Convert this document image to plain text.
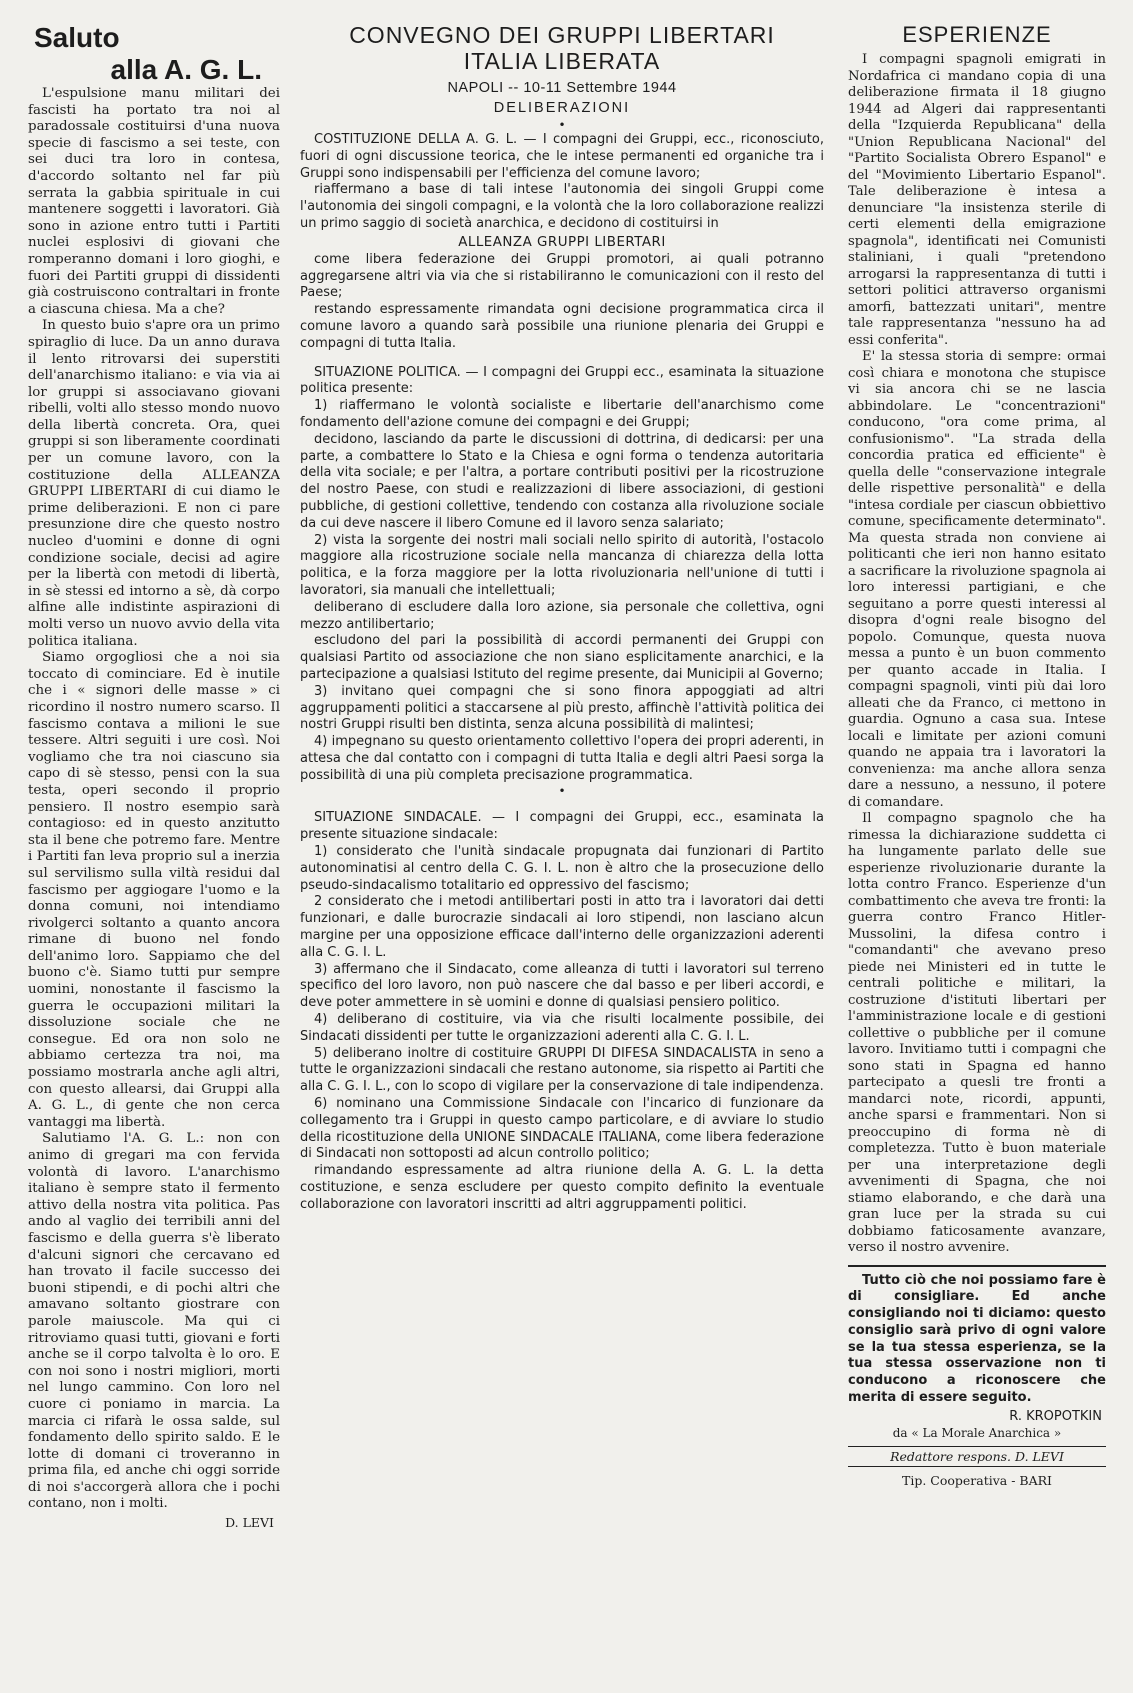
Saluto
alla A. G. L.

L'espulsione manu militari dei fascisti ha portato tra noi al paradossale costituirsi d'una nuova specie di fascismo a sei teste, con sei duci tra loro in contesa, d'accordo soltanto nel far più serrata la gabbia spirituale in cui mantenere soggetti i lavoratori. Già sono in azione entro tutti i Partiti nuclei esplosivi di giovani che romperanno domani i loro gioghi, e fuori dei Partiti gruppi di dissidenti già costruiscono contraltari in fronte a ciascuna chiesa. Ma a che?

In questo buio s'apre ora un primo spiraglio di luce. Da un anno durava il lento ritrovarsi dei superstiti dell'anarchismo italiano: e via via ai lor gruppi si associavano giovani ribelli, volti allo stesso mondo nuovo della libertà concreta. Ora, quei gruppi si son liberamente coordinati per un comune lavoro, con la costituzione della ALLEANZA GRUPPI LIBERTARI di cui diamo le prime deliberazioni. E non ci pare presunzione dire che questo nostro nucleo d'uomini e donne di ogni condizione sociale, decisi ad agire per la libertà con metodi di libertà, in sè stessi ed intorno a sè, dà corpo alfine alle indistinte aspirazioni di molti verso un nuovo avvio della vita politica italiana.

Siamo orgogliosi che a noi sia toccato di cominciare. Ed è inutile che i « signori delle masse » ci ricordino il nostro numero scarso. Il fascismo contava a milioni le sue tessere. Altri seguiti i ure così. Noi vogliamo che tra noi ciascuno sia capo di sè stesso, pensi con la sua testa, operi secondo il proprio pensiero. Il nostro esempio sarà contagioso: ed in questo anzitutto sta il bene che potremo fare. Mentre i Partiti fan leva proprio sul a inerzia sul servilismo sulla viltà residui dal fascismo per aggiogare l'uomo e la donna comuni, noi intendiamo rivolgerci soltanto a quanto ancora rimane di buono nel fondo dell'animo loro. Sappiamo che del buono c'è. Siamo tutti pur sempre uomini, nonostante il fascismo la guerra le occupazioni militari la dissoluzione sociale che ne consegue. Ed ora non solo ne abbiamo certezza tra noi, ma possiamo mostrarla anche agli altri, con questo allearsi, dai Gruppi alla A. G. L., di gente che non cerca vantaggi ma libertà.

Salutiamo l'A. G. L.: non con animo di gregari ma con fervida volontà di lavoro. L'anarchismo italiano è sempre stato il fermento attivo della nostra vita politica. Pas ando al vaglio dei terribili anni del fascismo e della guerra s'è liberato d'alcuni signori che cercavano ed han trovato il facile successo dei buoni stipendi, e di pochi altri che amavano soltanto giostrare con parole maiuscole. Ma qui ci ritroviamo quasi tutti, giovani e forti anche se il corpo talvolta è lo oro. E con noi sono i nostri migliori, morti nel lungo cammino. Con loro nel cuore ci poniamo in marcia. La marcia ci rifarà le ossa salde, sul fondamento dello spirito saldo. E le lotte di domani ci troveranno in prima fila, ed anche chi oggi sorride di noi s'accorgerà allora che i pochi contano, non i molti.

D. LEVI
CONVEGNO DEI GRUPPI LIBERTARI
ITALIA LIBERATA
NAPOLI -- 10-11 Settembre 1944
DELIBERAZIONI
•

COSTITUZIONE DELLA A. G. L. — I compagni dei Gruppi, ecc., riconosciuto, fuori di ogni discussione teorica, che le intese permanenti ed organiche tra i Gruppi sono indispensabili per l'efficienza del comune lavoro;

riaffermano a base di tali intese l'autonomia dei singoli Gruppi come l'autonomia dei singoli compagni, e la volontà che la loro collaborazione realizzi un primo saggio di società anarchica, e decidono di costituirsi in

ALLEANZA GRUPPI LIBERTARI

come libera federazione dei Gruppi promotori, ai quali potranno aggregarsene altri via via che si ristabiliranno le comunicazioni con il resto del Paese;

restando espressamente rimandata ogni decisione programmatica circa il comune lavoro a quando sarà possibile una riunione plenaria dei Gruppi e compagni di tutta Italia.

SITUAZIONE POLITICA. — I compagni dei Gruppi ecc., esaminata la situazione politica presente:

1) riaffermano le volontà socialiste e libertarie dell'anarchismo come fondamento dell'azione comune dei compagni e dei Gruppi;

decidono, lasciando da parte le discussioni di dottrina, di dedicarsi: per una parte, a combattere lo Stato e la Chiesa e ogni forma o tendenza autoritaria della vita sociale; e per l'altra, a portare contributi positivi per la ricostruzione del nostro Paese, con studi e realizzazioni di libere associazioni, di gestioni pubbliche, di gestioni collettive, tendendo con costanza alla rivoluzione sociale da cui deve nascere il libero Comune ed il lavoro senza salariato;

2) vista la sorgente dei nostri mali sociali nello spirito di autorità, l'ostacolo maggiore alla ricostruzione sociale nella mancanza di chiarezza della lotta politica, e la forza maggiore per la lotta rivoluzionaria nell'unione di tutti i lavoratori, sia manuali che intellettuali;

deliberano di escludere dalla loro azione, sia personale che collettiva, ogni mezzo antilibertario;

escludono del pari la possibilità di accordi permanenti dei Gruppi con qualsiasi Partito od associazione che non siano esplicitamente anarchici, e la partecipazione a qualsiasi Istituto del regime presente, dai Municipii al Governo;

3) invitano quei compagni che si sono finora appoggiati ad altri aggruppamenti politici a staccarsene al più presto, affinchè l'attività politica dei nostri Gruppi risulti ben distinta, senza alcuna possibilità di malintesi;

4) impegnano su questo orientamento collettivo l'opera dei propri aderenti, in attesa che dal contatto con i compagni di tutta Italia e degli altri Paesi sorga la possibilità di una più completa precisazione programmatica.

•

SITUAZIONE SINDACALE. — I compagni dei Gruppi, ecc., esaminata la presente situazione sindacale:

1) considerato che l'unità sindacale propugnata dai funzionari di Partito autonominatisi al centro della C. G. I. L. non è altro che la prosecuzione dello pseudo-sindacalismo totalitario ed oppressivo del fascismo;

2 considerato che i metodi antilibertari posti in atto tra i lavoratori dai detti funzionari, e dalle burocrazie sindacali ai loro stipendi, non lasciano alcun margine per una opposizione efficace dall'interno delle organizzazioni aderenti alla C. G. I. L.

3) affermano che il Sindacato, come alleanza di tutti i lavoratori sul terreno specifico del loro lavoro, non può nascere che dal basso e per liberi accordi, e deve poter ammettere in sè uomini e donne di qualsiasi pensiero politico.

4) deliberano di costituire, via via che risulti localmente possibile, dei Sindacati dissidenti per tutte le organizzazioni aderenti alla C. G. I. L.

5) deliberano inoltre di costituire GRUPPI DI DIFESA SINDACALISTA in seno a tutte le organizzazioni sindacali che restano autonome, sia rispetto ai Partiti che alla C. G. I. L., con lo scopo di vigilare per la conservazione di tale indipendenza.

6) nominano una Commissione Sindacale con l'incarico di funzionare da collegamento tra i Gruppi in questo campo particolare, e di avviare lo studio della ricostituzione della UNIONE SINDACALE ITALIANA, come libera federazione di Sindacati non sottoposti ad alcun controllo politico;

rimandando espressamente ad altra riunione della A. G. L. la detta costituzione, e senza escludere per questo compito definito la eventuale collaborazione con lavoratori inscritti ad altri aggruppamenti politici.

ESPERIENZE

I compagni spagnoli emigrati in Nordafrica ci mandano copia di una deliberazione firmata il 18 giugno 1944 ad Algeri dai rappresentanti della "Izquierda Republicana" della "Union Republicana Nacional" del "Partito Socialista Obrero Espanol" e del "Movimiento Libertario Espanol". Tale deliberazione è intesa a denunciare "la insistenza sterile di certi elementi della emigrazione spagnola", identificati nei Comunisti staliniani, i quali "pretendono arrogarsi la rappresentanza di tutti i settori politici attraverso organismi amorfi, battezzati unitari", mentre tale rappresentanza "nessuno ha ad essi conferita".

E' la stessa storia di sempre: ormai così chiara e monotona che stupisce vi sia ancora chi se ne lascia abbindolare. Le "concentrazioni" conducono, "ora come prima, al confusionismo". "La strada della concordia pratica ed efficiente" è quella delle "conservazione integrale delle rispettive personalità" e della "intesa cordiale per ciascun obbiettivo comune, specificamente determinato". Ma questa strada non conviene ai politicanti che ieri non hanno esitato a sacrificare la rivoluzione spagnola ai loro interessi partigiani, e che seguitano a porre questi interessi al disopra d'ogni reale bisogno del popolo. Comunque, questa nuova messa a punto è un buon commento per quanto accade in Italia. I compagni spagnoli, vinti più dai loro alleati che da Franco, ci mettono in guardia. Ognuno a casa sua. Intese locali e limitate per azioni comuni quando ne appaia tra i lavoratori la convenienza: ma anche allora senza dare a nessuno, a nessuno, il potere di comandare.

Il compagno spagnolo che ha rimessa la dichiarazione suddetta ci ha lungamente parlato delle sue esperienze rivoluzionarie durante la lotta contro Franco. Esperienze d'un combattimento che aveva tre fronti: la guerra contro Franco Hitler-Mussolini, la difesa contro i "comandanti" che avevano preso piede nei Ministeri ed in tutte le centrali politiche e militari, la costruzione d'istituti libertari per l'amministrazione locale e di gestioni collettive o pubbliche per il comune lavoro. Invitiamo tutti i compagni che sono stati in Spagna ed hanno partecipato a quesli tre fronti a mandarci note, ricordi, appunti, anche sparsi e frammentari. Non si preoccupino di forma nè di completezza. Tutto è buon materiale per una interpretazione degli avvenimenti di Spagna, che noi stiamo elaborando, e che darà una gran luce per la strada su cui dobbiamo faticosamente avanzare, verso il nostro avvenire.

Tutto ciò che noi possiamo fare è di consigliare. Ed anche consigliando noi ti diciamo: questo consiglio sarà privo di ogni valore se la tua stessa esperienza, se la tua stessa osservazione non ti conducono a riconoscere che merita di essere seguito.

R. KROPOTKIN
da « La Morale Anarchica »
Redattore respons. D. LEVI
Tip. Cooperativa - BARI
